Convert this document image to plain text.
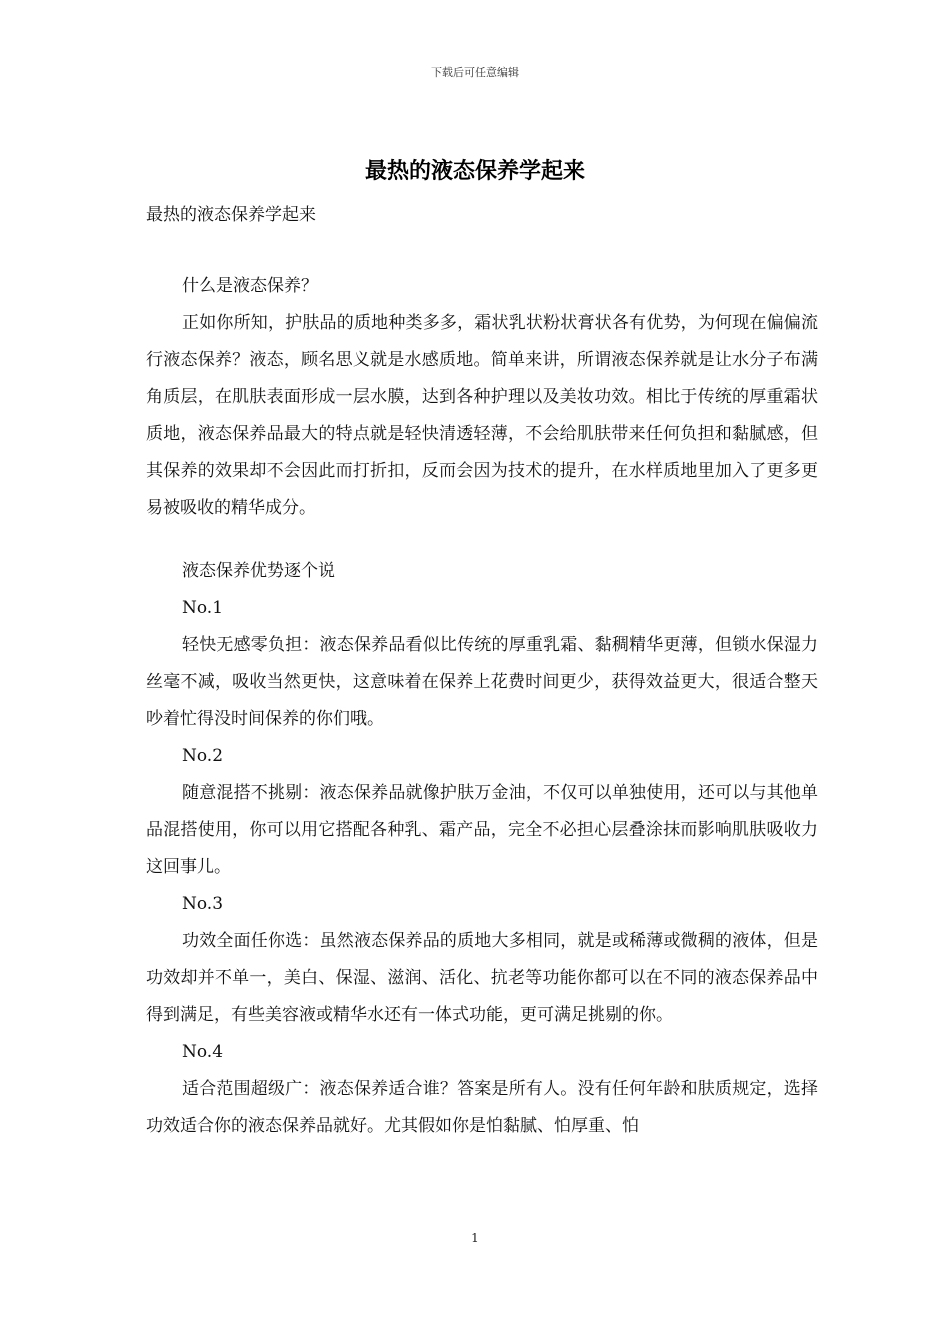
下载后可任意编辑
最热的液态保养学起来

最热的液态保养学起来

什么是液态保养？

正如你所知，护肤品的质地种类多多，霜状乳状粉状膏状各有优势，为何现在偏偏流行液态保养？液态，顾名思义就是水感质地。简单来讲，所谓液态保养就是让水分子布满角质层，在肌肤表面形成一层水膜，达到各种护理以及美妆功效。相比于传统的厚重霜状质地，液态保养品最大的特点就是轻快清透轻薄，不会给肌肤带来任何负担和黏腻感，但其保养的效果却不会因此而打折扣，反而会因为技术的提升，在水样质地里加入了更多更易被吸收的精华成分。

液态保养优势逐个说

No.1

轻快无感零负担：液态保养品看似比传统的厚重乳霜、黏稠精华更薄，但锁水保湿力丝毫不减，吸收当然更快，这意味着在保养上花费时间更少，获得效益更大，很适合整天吵着忙得没时间保养的你们哦。

No.2

随意混搭不挑剔：液态保养品就像护肤万金油，不仅可以单独使用，还可以与其他单品混搭使用，你可以用它搭配各种乳、霜产品，完全不必担心层叠涂抹而影响肌肤吸收力这回事儿。

No.3

功效全面任你选：虽然液态保养品的质地大多相同，就是或稀薄或微稠的液体，但是功效却并不单一，美白、保湿、滋润、活化、抗老等功能你都可以在不同的液态保养品中得到满足，有些美容液或精华水还有一体式功能，更可满足挑剔的你。

No.4

适合范围超级广：液态保养适合谁？答案是所有人。没有任何年龄和肤质规定，选择功效适合你的液态保养品就好。尤其假如你是怕黏腻、怕厚重、怕

1
